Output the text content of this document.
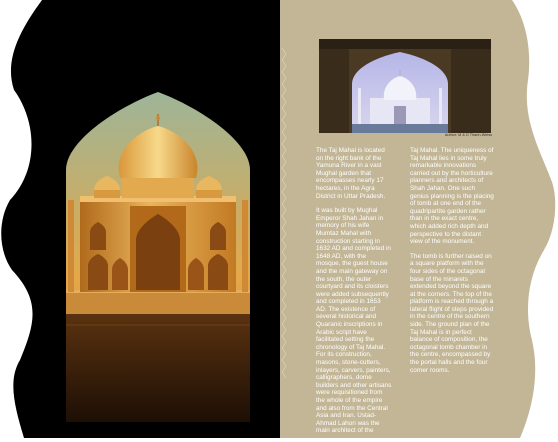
Author: M & D Tharin-Weiss

The Taj Mahal is located on the right bank of the Yamuna River in a vast Mughal garden that encompasses nearly 17 hectares, in the Agra District in Uttar Pradesh.

It was built by Mughal Emperor Shah Jahan in memory of his wife Mumtaz Mahal with construction starting in 1632 AD and completed in 1648 AD, with the mosque, the guest house and the main gateway on the south, the outer courtyard and its cloisters were added subsequently and completed in 1653 AD. The existence of several historical and Quaranic inscriptions in Arabic script have facilitated setting the chronology of Taj Mahal. For its construction, masons, stone-cutters, inlayers, carvers, painters, calligraphers, dome builders and other artisans were requisitioned from the whole of the empire and also from the Central Asia and Iran. Ustad-Ahmad Lahori was the main architect of the

Taj Mahal. The uniqueness of Taj Mahal lies in some truly remarkable innovations carried out by the horticulture planners and architects of Shah Jahan. One such genius planning is the placing of tomb at one end of the quadripartite garden rather than in the exact centre, which added rich depth and perspective to the distant view of the monument.

The tomb is further raised on a square platform with the four sides of the octagonal base of the minarets extended beyond the square at the corners. The top of the platform is reached through a lateral flight of steps provided in the centre of the southern side. The ground plan of the Taj Mahal is in perfect balance of composition, the octagonal tomb chamber in the centre, encompassed by the portal halls and the four corner rooms.
